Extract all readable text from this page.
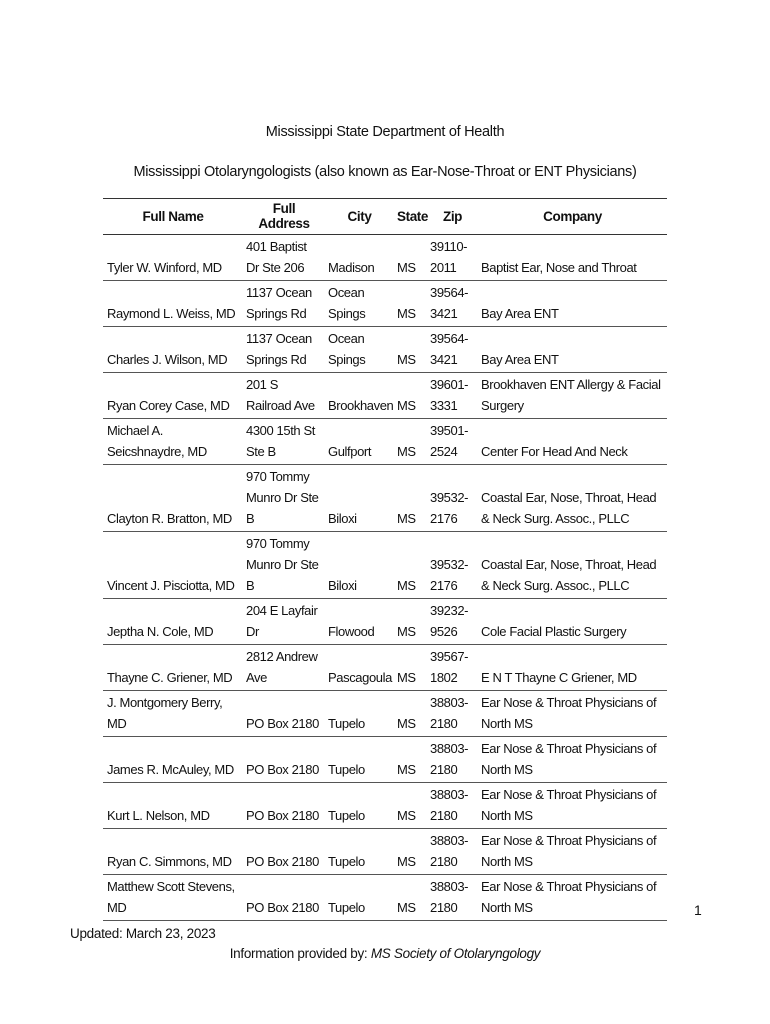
Mississippi State Department of Health
Mississippi Otolaryngologists (also known as Ear-Nose-Throat or ENT Physicians)
Full Name	Full Address	City	State	Zip	Company
Tyler W. Winford, MD	401 Baptist Dr Ste 206	Madison	MS	39110-2011	Baptist Ear, Nose and Throat
Raymond L. Weiss, MD	1137 Ocean Springs Rd	Ocean Spings	MS	39564-3421	Bay Area ENT
Charles J. Wilson, MD	1137 Ocean Springs Rd	Ocean Spings	MS	39564-3421	Bay Area ENT
Ryan Corey Case, MD	201 S Railroad Ave	Brookhaven	MS	39601-3331	Brookhaven ENT Allergy & Facial Surgery
Michael A. Seicshnaydre, MD	4300 15th St Ste B	Gulfport	MS	39501-2524	Center For Head And Neck
Clayton R. Bratton, MD	970 Tommy Munro Dr Ste B	Biloxi	MS	39532-2176	Coastal Ear, Nose, Throat, Head & Neck Surg. Assoc., PLLC
Vincent J. Pisciotta, MD	970 Tommy Munro Dr Ste B	Biloxi	MS	39532-2176	Coastal Ear, Nose, Throat, Head & Neck Surg. Assoc., PLLC
Jeptha N. Cole, MD	204 E Layfair Dr	Flowood	MS	39232-9526	Cole Facial Plastic Surgery
Thayne C. Griener, MD	2812 Andrew Ave	Pascagoula	MS	39567-1802	E N T Thayne C Griener, MD
J. Montgomery Berry, MD	PO Box 2180	Tupelo	MS	38803-2180	Ear Nose & Throat Physicians of North MS
James R. McAuley, MD	PO Box 2180	Tupelo	MS	38803-2180	Ear Nose & Throat Physicians of North MS
Kurt L. Nelson, MD	PO Box 2180	Tupelo	MS	38803-2180	Ear Nose & Throat Physicians of North MS
Ryan C. Simmons, MD	PO Box 2180	Tupelo	MS	38803-2180	Ear Nose & Throat Physicians of North MS
Matthew Scott Stevens, MD	PO Box 2180	Tupelo	MS	38803-2180	Ear Nose & Throat Physicians of North MS	1
Updated: March 23, 2023
Information provided by: MS Society of Otolaryngology
